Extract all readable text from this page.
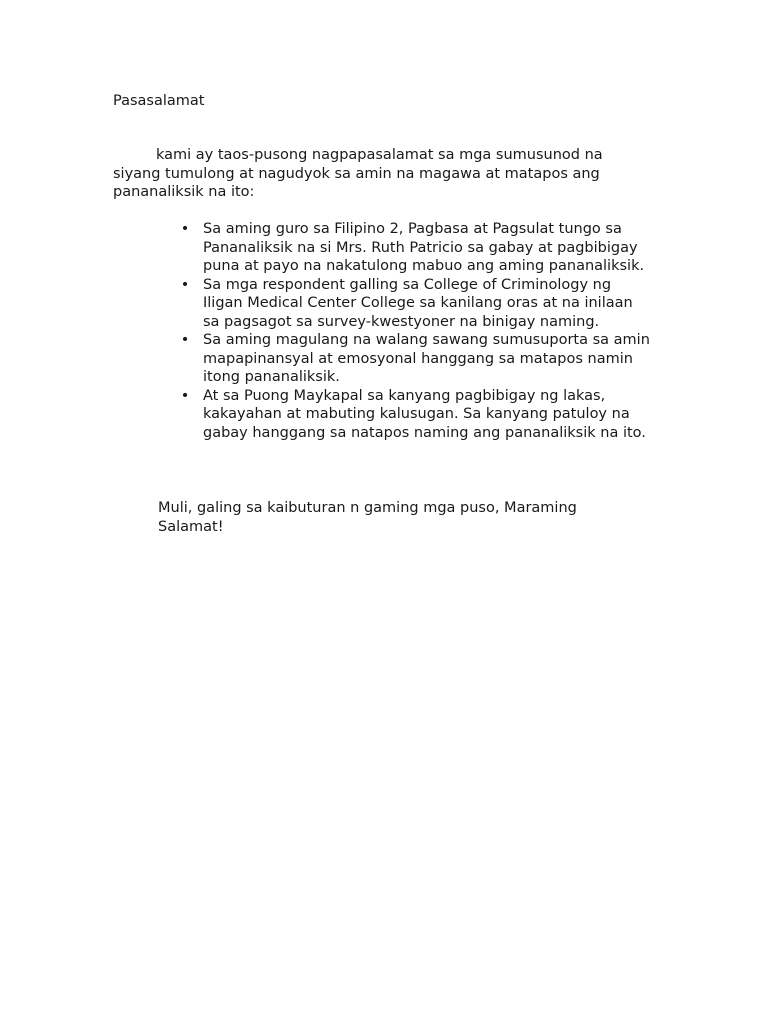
Pasasalamat
kami ay taos-pusong nagpapasalamat sa mga sumusunod na siyang tumulong at nagudyok sa amin na magawa at matapos ang pananaliksik na ito:
• Sa aming guro sa Filipino 2, Pagbasa at Pagsulat tungo sa Pananaliksik na si Mrs. Ruth Patricio sa gabay at pagbibigay puna at payo na nakatulong mabuo ang aming pananaliksik.
• Sa mga respondent galling sa College of Criminology ng Iligan Medical Center College sa kanilang oras at na inilaan sa pagsagot sa survey-kwestyoner na binigay naming.
• Sa aming magulang na walang sawang sumusuporta sa amin mapapinansyal at emosyonal hanggang sa matapos namin itong pananaliksik.
• At sa Puong Maykapal sa kanyang pagbibigay ng lakas, kakayahan at mabuting kalusugan. Sa kanyang patuloy na gabay hanggang sa natapos naming ang pananaliksik na ito.
Muli, galing sa kaibuturan n gaming mga puso, Maraming Salamat!
